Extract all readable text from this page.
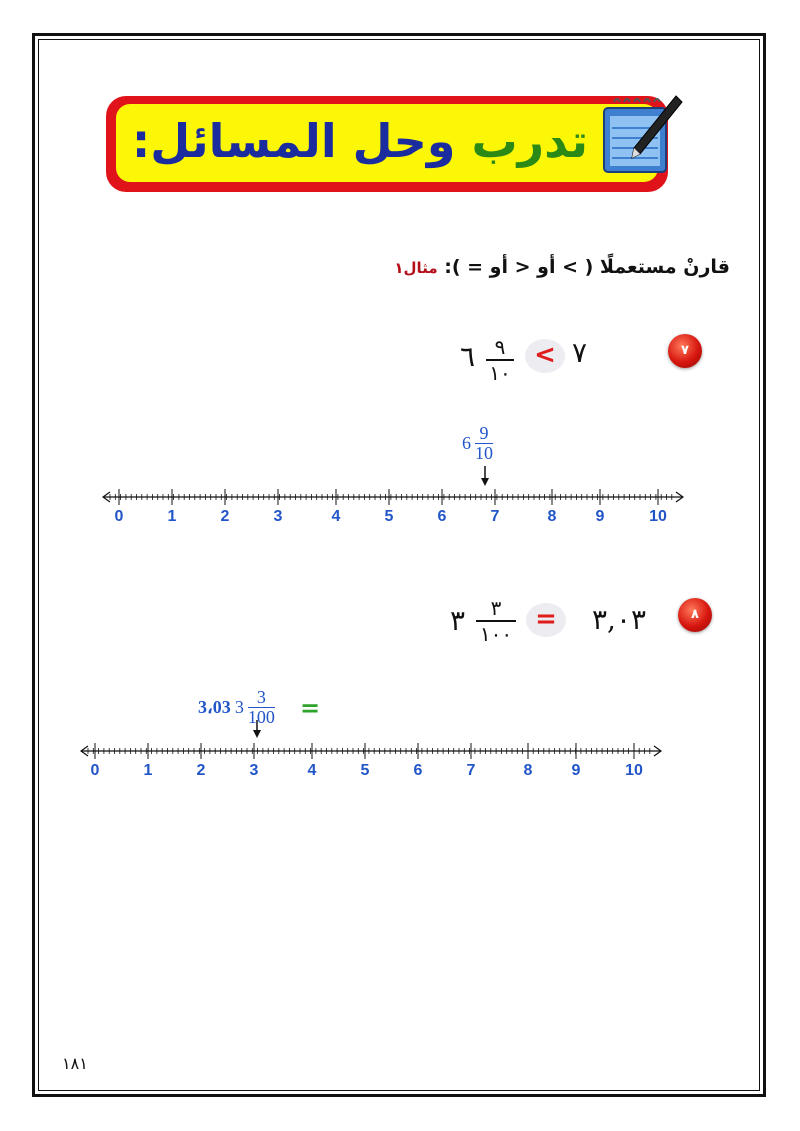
تدرب وحل المسائل:
قارنْ مستعملًا ( > أو < أو = ): مثال١
٧
٧
<
٩
١٠
٦
$6 \frac{9}{10}$
0	1	2	3	4	5	6	7	8 9	10
٨
٣,٠٣
=
٣
١٠٠
٣
3،03 $3 \frac{3}{100}$ =
0	1	2	3	4	5	6	7	8 9	10
١٨١
